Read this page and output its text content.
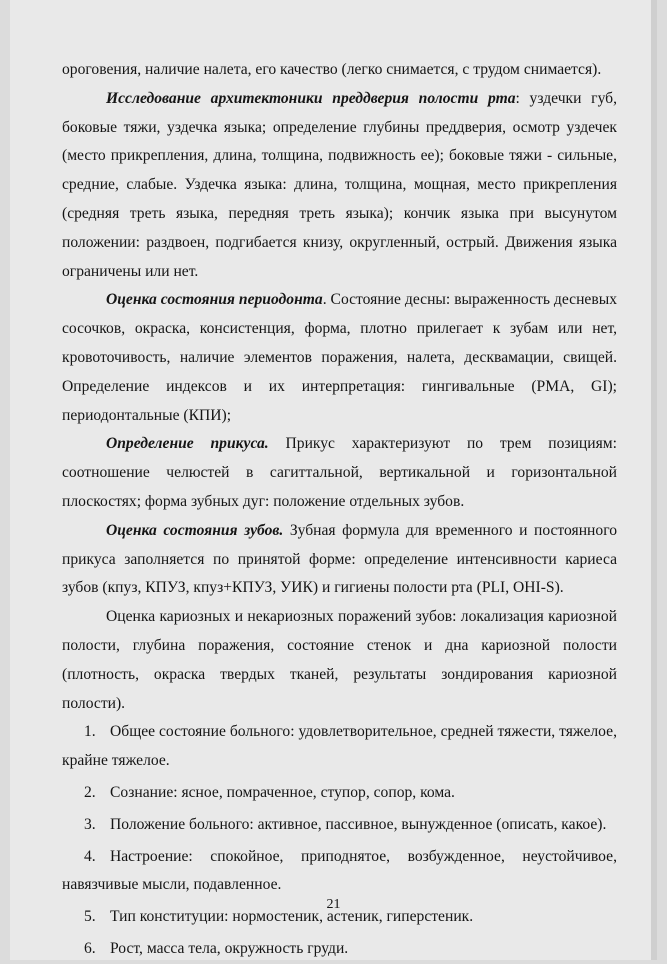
ороговения, наличие налета, его качество (легко снимается, с трудом снимается).

Исследование архитектоники преддверия полости рта: уздечки губ, боковые тяжи, уздечка языка; определение глубины преддверия, осмотр уздечек (место прикрепления, длина, толщина, подвижность ее); боковые тяжи - сильные, средние, слабые. Уздечка языка: длина, толщина, мощная, место прикрепления (средняя треть языка, передняя треть языка); кончик языка при высунутом положении: раздвоен, подгибается книзу, округленный, острый. Движения языка ограничены или нет.

Оценка состояния периодонта. Состояние десны: выраженность десневых сосочков, окраска, консистенция, форма, плотно прилегает к зубам или нет, кровоточивость, наличие элементов поражения, налета, десквамации, свищей. Определение индексов и их интерпретация: гингивальные (PMA, GI); периодонтальные (КПИ);

Определение прикуса. Прикус характеризуют по трем позициям: соотношение челюстей в сагиттальной, вертикальной и горизонтальной плоскостях; форма зубных дуг: положение отдельных зубов.

Оценка состояния зубов. Зубная формула для временного и постоянного прикуса заполняется по принятой форме: определение интенсивности кариеса зубов (кпуз, КПУЗ, кпуз+КПУЗ, УИК) и гигиены полости рта (PLI, OHI-S).

Оценка кариозных и некариозных поражений зубов: локализация кариозной полости, глубина поражения, состояние стенок и дна кариозной полости (плотность, окраска твердых тканей, результаты зондирования кариозной полости).

1. Общее состояние больного: удовлетворительное, средней тяжести, тяжелое, крайне тяжелое.

2. Сознание: ясное, помраченное, ступор, сопор, кома.

3. Положение больного: активное, пассивное, вынужденное (описать, какое).

4. Настроение: спокойное, приподнятое, возбужденное, неустойчивое, навязчивые мысли, подавленное.

5. Тип конституции: нормостеник, астеник, гиперстеник.

6. Рост, масса тела, окружность груди.

21
